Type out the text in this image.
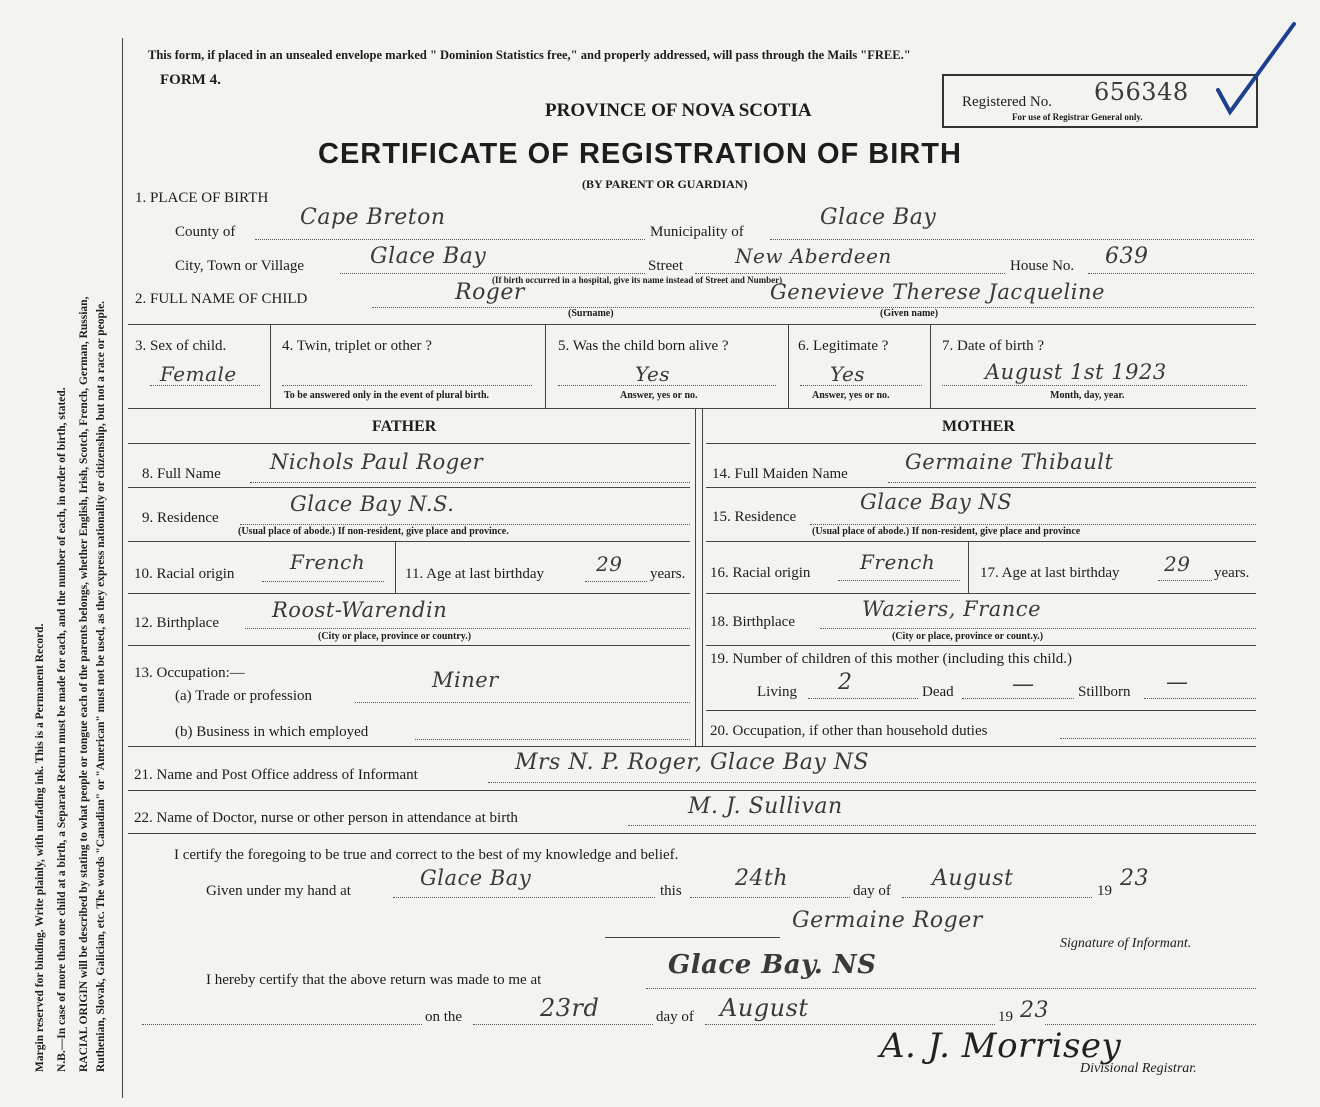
Margin reserved for binding. Write plainly, with unfading ink. This is a Permanent Record. N.B.—In case of more than one child at a birth, a Separate Return must be made for each, and the number of each, in order of birth, stated. RACIAL ORIGIN will be described by stating to what people or tongue each of the parents belongs, whether English, Irish, Scotch, French, German, Russian, Ruthenian, Slovak, Galician, etc. The words "Canadian" or "American" must not be used, as they express nationality or citizenship, but not a race or people.
This form, if placed in an unsealed envelope marked " Dominion Statistics free," and properly addressed, will pass through the Mails "FREE."
FORM 4.
PROVINCE OF NOVA SCOTIA
CERTIFICATE OF REGISTRATION OF BIRTH
(BY PARENT OR GUARDIAN)
Registered No. 656348
For use of Registrar General only.
1. PLACE OF BIRTH
County of
Cape Breton
Municipality of
Glace Bay
City, Town or Village	Glace Bay	Street	New Aberdeen	House No. 639
(If birth occurred in a hospital, give its name instead of Street and Number)
2. FULL NAME OF CHILD	Roger	Genevieve Therese Jacqueline
(Surname)	(Given name)
3. Sex of child.
Female
4. Twin, triplet or other ?
To be answered only in the event of plural birth.
5. Was the child born alive ?
Yes
Answer, yes or no.
6. Legitimate ?
Yes
Answer, yes or no.
7. Date of birth ?
August 1st 1923
Month, day, year.
FATHER	MOTHER
8. Full Name Nichols Paul Roger	14. Full Maiden Name	Germaine Thibault
9. Residence
Glace Bay N.S.
(Usual place of abode.) If non-resident, give place and province.
15. Residence
Glace Bay NS
(Usual place of abode.) If non-resident, give place and province
10. Racial origin	French	11. Age at last birthday	29 years. 16. Racial origin French	17. Age at last birthday 29 years.
12. Birthplace
Roost-Warendin
(City or place, province or country.)
18. Birthplace
Waziers, France
(City or place, province or count.y.)
13. Occupation:—
(a) Trade or profession
Miner
19. Number of children of this mother (including this child.)
Living 2	Dead	—	Stillborn —
(b) Business in which employed	20. Occupation, if other than household duties
21. Name and Post Office address of Informant	Mrs N. P. Roger, Glace Bay NS
22. Name of Doctor, nurse or other person in attendance at birth	M. J. Sullivan
I certify the foregoing to be true and correct to the best of my knowledge and belief.
Given under my hand at
Glace Bay
this 24th	day of August	19 23
Germaine Roger
Signature of Informant.
I hereby certify that the above return was made to me at	Glace Bay. NS
on the	23rd	day of August	19 23
A. J. Morrisey
Divisional Registrar.
